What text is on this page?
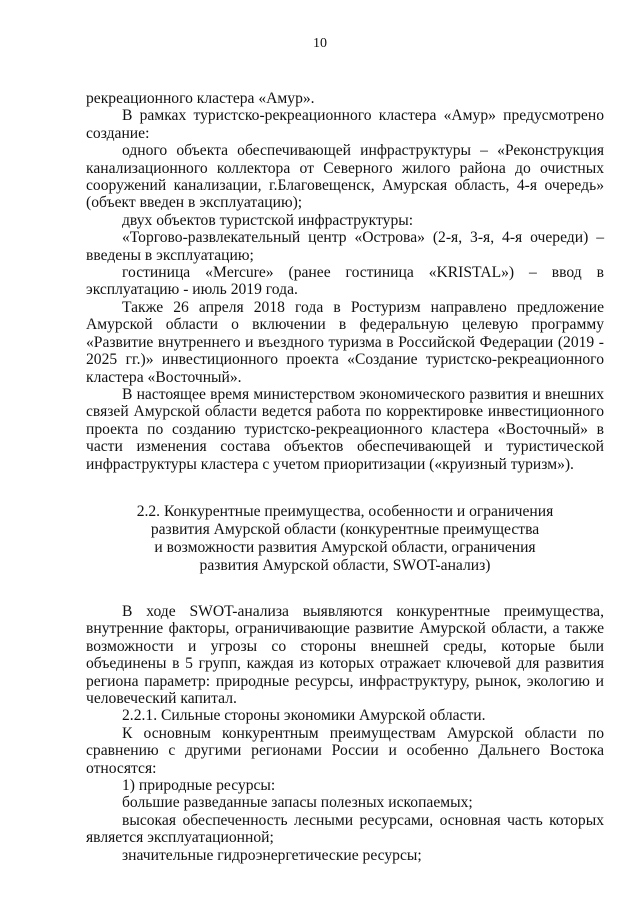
10

рекреационного кластера «Амур».

В рамках туристско-рекреационного кластера «Амур» предусмотрено создание:

одного объекта обеспечивающей инфраструктуры – «Реконструкция канализационного коллектора от Северного жилого района до очистных сооружений канализации, г.Благовещенск, Амурская область, 4-я очередь» (объект введен в эксплуатацию);

двух объектов туристской инфраструктуры:

«Торгово-развлекательный центр «Острова» (2-я, 3-я, 4-я очереди) – введены в эксплуатацию;

гостиница «Mercure» (ранее гостиница «KRISTAL») – ввод в эксплуатацию - июль 2019 года.

Также 26 апреля 2018 года в Ростуризм направлено предложение Амурской области о включении в федеральную целевую программу «Развитие внутреннего и въездного туризма в Российской Федерации (2019 - 2025 гг.)» инвестиционного проекта «Создание туристско-рекреационного кластера «Восточный».

В настоящее время министерством экономического развития и внешних связей Амурской области ведется работа по корректировке инвестиционного проекта по созданию туристско-рекреационного кластера «Восточный» в части изменения состава объектов обеспечивающей и туристической инфраструктуры кластера с учетом приоритизации («круизный туризм»).

2.2. Конкурентные преимущества, особенности и ограничения
развития Амурской области (конкурентные преимущества
и возможности развития Амурской области, ограничения
развития Амурской области, SWOT-анализ)

В ходе SWOT-анализа выявляются конкурентные преимущества, внутренние факторы, ограничивающие развитие Амурской области, а также возможности и угрозы со стороны внешней среды, которые были объединены в 5 групп, каждая из которых отражает ключевой для развития региона параметр: природные ресурсы, инфраструктуру, рынок, экологию и человеческий капитал.

2.2.1. Сильные стороны экономики Амурской области.

К основным конкурентным преимуществам Амурской области по сравнению с другими регионами России и особенно Дальнего Востока относятся:

1) природные ресурсы:

большие разведанные запасы полезных ископаемых;

высокая обеспеченность лесными ресурсами, основная часть которых является эксплуатационной;

значительные гидроэнергетические ресурсы;
